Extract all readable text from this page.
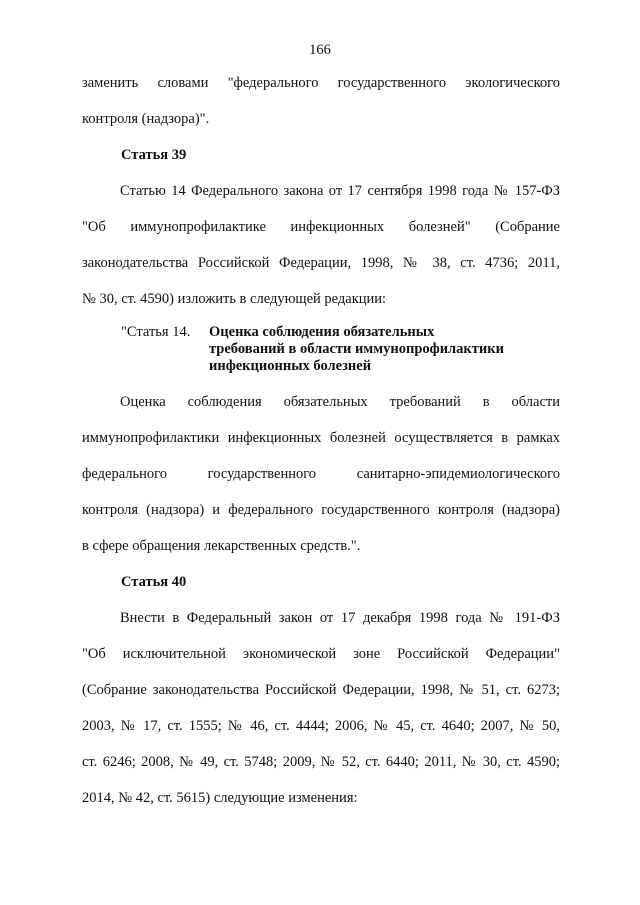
166
заменить словами "федерального государственного экологического
контроля (надзора)".
Статья 39
Статью 14 Федерального закона от 17 сентября 1998 года № 157-ФЗ
"Об иммунопрофилактике инфекционных болезней" (Собрание
законодательства Российской Федерации, 1998, № 38, ст. 4736; 2011,
№ 30, ст. 4590) изложить в следующей редакции:
"Статья 14. Оценка соблюдения обязательных
требований в области иммунопрофилактики
инфекционных болезней
Оценка соблюдения обязательных требований в области
иммунопрофилактики инфекционных болезней осуществляется в рамках
федерального государственного санитарно-эпидемиологического
контроля (надзора) и федерального государственного контроля (надзора)
в сфере обращения лекарственных средств.".
Статья 40
Внести в Федеральный закон от 17 декабря 1998 года № 191-ФЗ
"Об исключительной экономической зоне Российской Федерации"
(Собрание законодательства Российской Федерации, 1998, № 51, ст. 6273;
2003, № 17, ст. 1555; № 46, ст. 4444; 2006, № 45, ст. 4640; 2007, № 50,
ст. 6246; 2008, № 49, ст. 5748; 2009, № 52, ст. 6440; 2011, № 30, ст. 4590;
2014, № 42, ст. 5615) следующие изменения:
